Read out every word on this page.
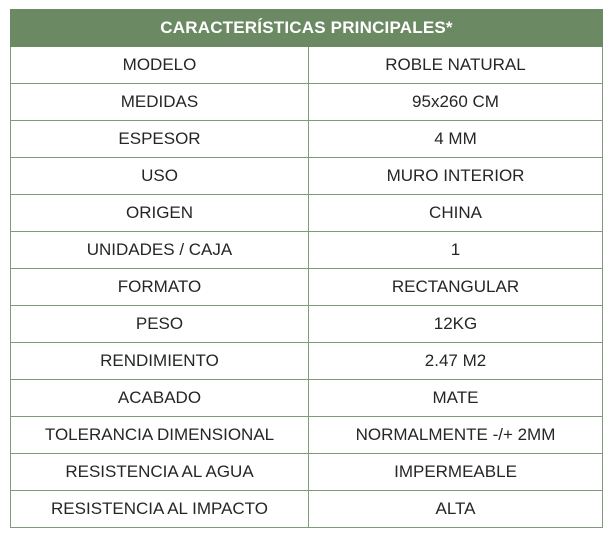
CARACTERÍSTICAS PRINCIPALES*	
MODELO	ROBLE NATURAL
MEDIDAS	95x260 CM
ESPESOR	4 MM
USO	MURO INTERIOR
ORIGEN	CHINA
UNIDADES / CAJA	1
FORMATO	RECTANGULAR
PESO	12KG
RENDIMIENTO	2.47 M2
ACABADO	MATE
TOLERANCIA DIMENSIONAL	NORMALMENTE -/+ 2MM
RESISTENCIA AL AGUA	IMPERMEABLE
RESISTENCIA AL IMPACTO	ALTA
